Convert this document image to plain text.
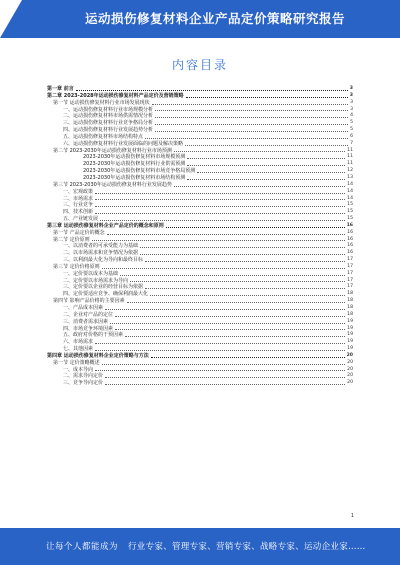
运动损伤修复材料企业产品定价策略研究报告
内容目录
第一章 前言	3
第二章 2023-2028年运动损伤修复材料产品定价及营销策略	3
第一节 运动损伤修复材料行业市场发展现状	3
一、运动损伤修复材料行业市场规模分析	3
二、运动损伤修复材料市场供需情况分析	4
三、运动损伤修复材料行业竞争格局分析	5
四、运动损伤修复材料行业发展趋势分析	5
五、运动损伤修复材料市场结构特点	6
六、运动损伤修复材料行业发展面临的问题及解决策略	7
第二节 2023-2030年运动损伤修复材料行业市场预测	11
2023-2030年运动损伤修复材料市场规模预测	11
2023-2030年运动损伤修复材料行业供需预测	11
2023-2030年运动损伤修复材料市场竞争格局预测	12
2023-2030年运动损伤修复材料市场结构预测	13
第三节 2023-2030年运动损伤修复材料行业发展趋势	14
一、宏观政策	14
二、市场需求	14
三、行业竞争	15
四、技术创新	15
五、产业链发展	15
第三章 运动损伤修复材料企业产品定价的概念和原则	16
第一节 产品定价的概念	16
第二节 定价原则	16
一、以消费者的可承受能力为基础	16
二、以市场需求和竞争情况为依据	16
三、以利润最大化为导向和最终目标	17
第三节 定价价格原则	17
一、定价要以成本为基础	17
二、定价要以市场需求为导向	17
三、定价要以企业的经营目标为依据	17
四、定价要适应竞争、确保利润最大化	18
第四节 影响产品价格的主要因素	18
一、产品成本因素	18
二、企业对产品的定位	18
三、消费者需求因素	19
四、市场竞争环境因素	19
五、政府对价格的干预因素	19
六、市场需求	19
七、其他因素	19
第四章 运动损伤修复材料企业定价策略与方法	20
第一节 定价策略概述	20
一、成本导向	20
二、需求导向定价	20
三、竞争导向定价	20
1
让每个人都能成为 行业专家、管理专家、营销专家、战略专家、运动企业家……
